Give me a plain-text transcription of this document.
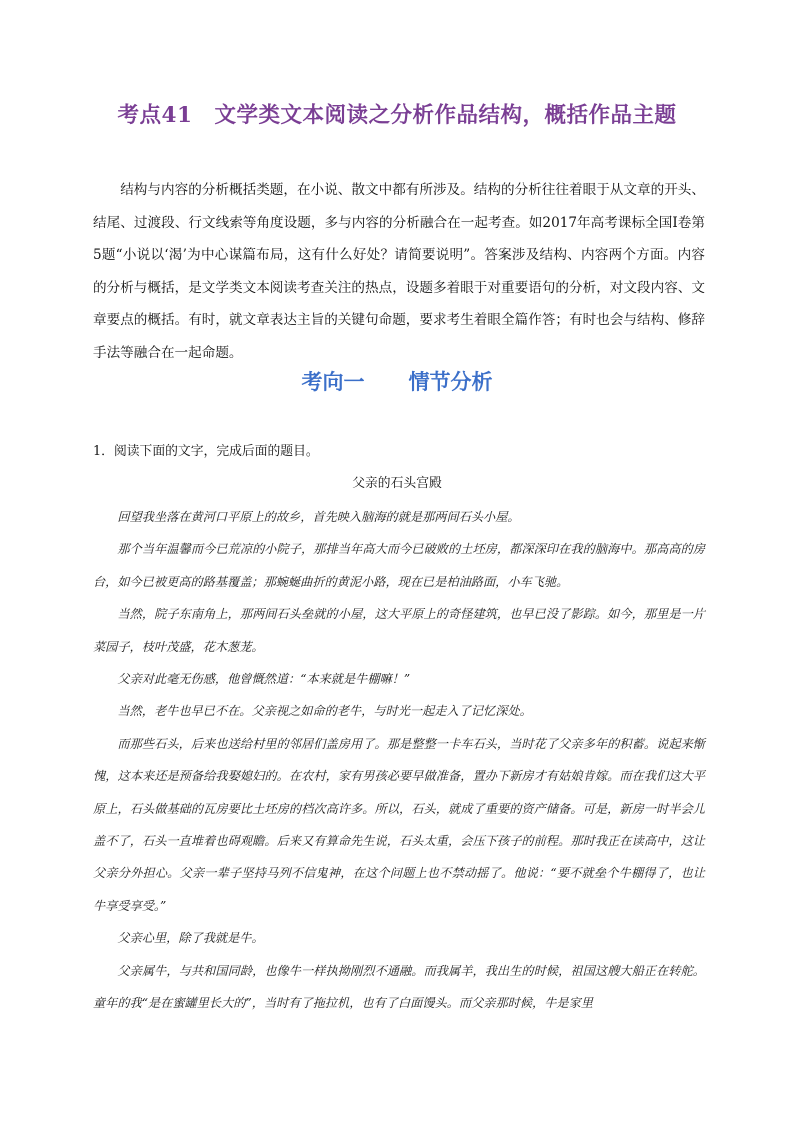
考点41　文学类文本阅读之分析作品结构，概括作品主题

结构与内容的分析概括类题，在小说、散文中都有所涉及。结构的分析往往着眼于从文章的开头、结尾、过渡段、行文线索等角度设题，多与内容的分析融合在一起考查。如2017年高考课标全国Ⅰ卷第5题“小说以‘渴’为中心谋篇布局，这有什么好处？请简要说明”。答案涉及结构、内容两个方面。内容的分析与概括，是文学类文本阅读考查关注的热点，设题多着眼于对重要语句的分析，对文段内容、文章要点的概括。有时，就文章表达主旨的关键句命题，要求考生着眼全篇作答；有时也会与结构、修辞手法等融合在一起命题。

考向一 情节分析

1．阅读下面的文字，完成后面的题目。

父亲的石头宫殿

回望我坐落在黄河口平原上的故乡，首先映入脑海的就是那两间石头小屋。

那个当年温馨而今已荒凉的小院子，那排当年高大而今已破败的土坯房，都深深印在我的脑海中。那高高的房台，如今已被更高的路基覆盖；那蜿蜒曲折的黄泥小路，现在已是柏油路面，小车飞驰。

当然，院子东南角上，那两间石头垒就的小屋，这大平原上的奇怪建筑，也早已没了影踪。如今，那里是一片菜园子，枝叶茂盛，花木葱茏。

父亲对此毫无伤感，他曾慨然道：“本来就是牛棚嘛！”

当然，老牛也早已不在。父亲视之如命的老牛，与时光一起走入了记忆深处。

而那些石头，后来也送给村里的邻居们盖房用了。那是整整一卡车石头，当时花了父亲多年的积蓄。说起来惭愧，这本来还是预备给我娶媳妇的。在农村，家有男孩必要早做准备，置办下新房才有姑娘肯嫁。而在我们这大平原上，石头做基础的瓦房要比土坯房的档次高许多。所以，石头，就成了重要的资产储备。可是，新房一时半会儿盖不了，石头一直堆着也碍观瞻。后来又有算命先生说，石头太重，会压下孩子的前程。那时我正在读高中，这让父亲分外担心。父亲一辈子坚持马列不信鬼神，在这个问题上也不禁动摇了。他说：“要不就垒个牛棚得了，也让牛享受享受。”

父亲心里，除了我就是牛。

父亲属牛，与共和国同龄，也像牛一样执拗刚烈不通融。而我属羊，我出生的时候，祖国这艘大船正在转舵。童年的我“是在蜜罐里长大的”，当时有了拖拉机，也有了白面馒头。而父亲那时候，牛是家里
